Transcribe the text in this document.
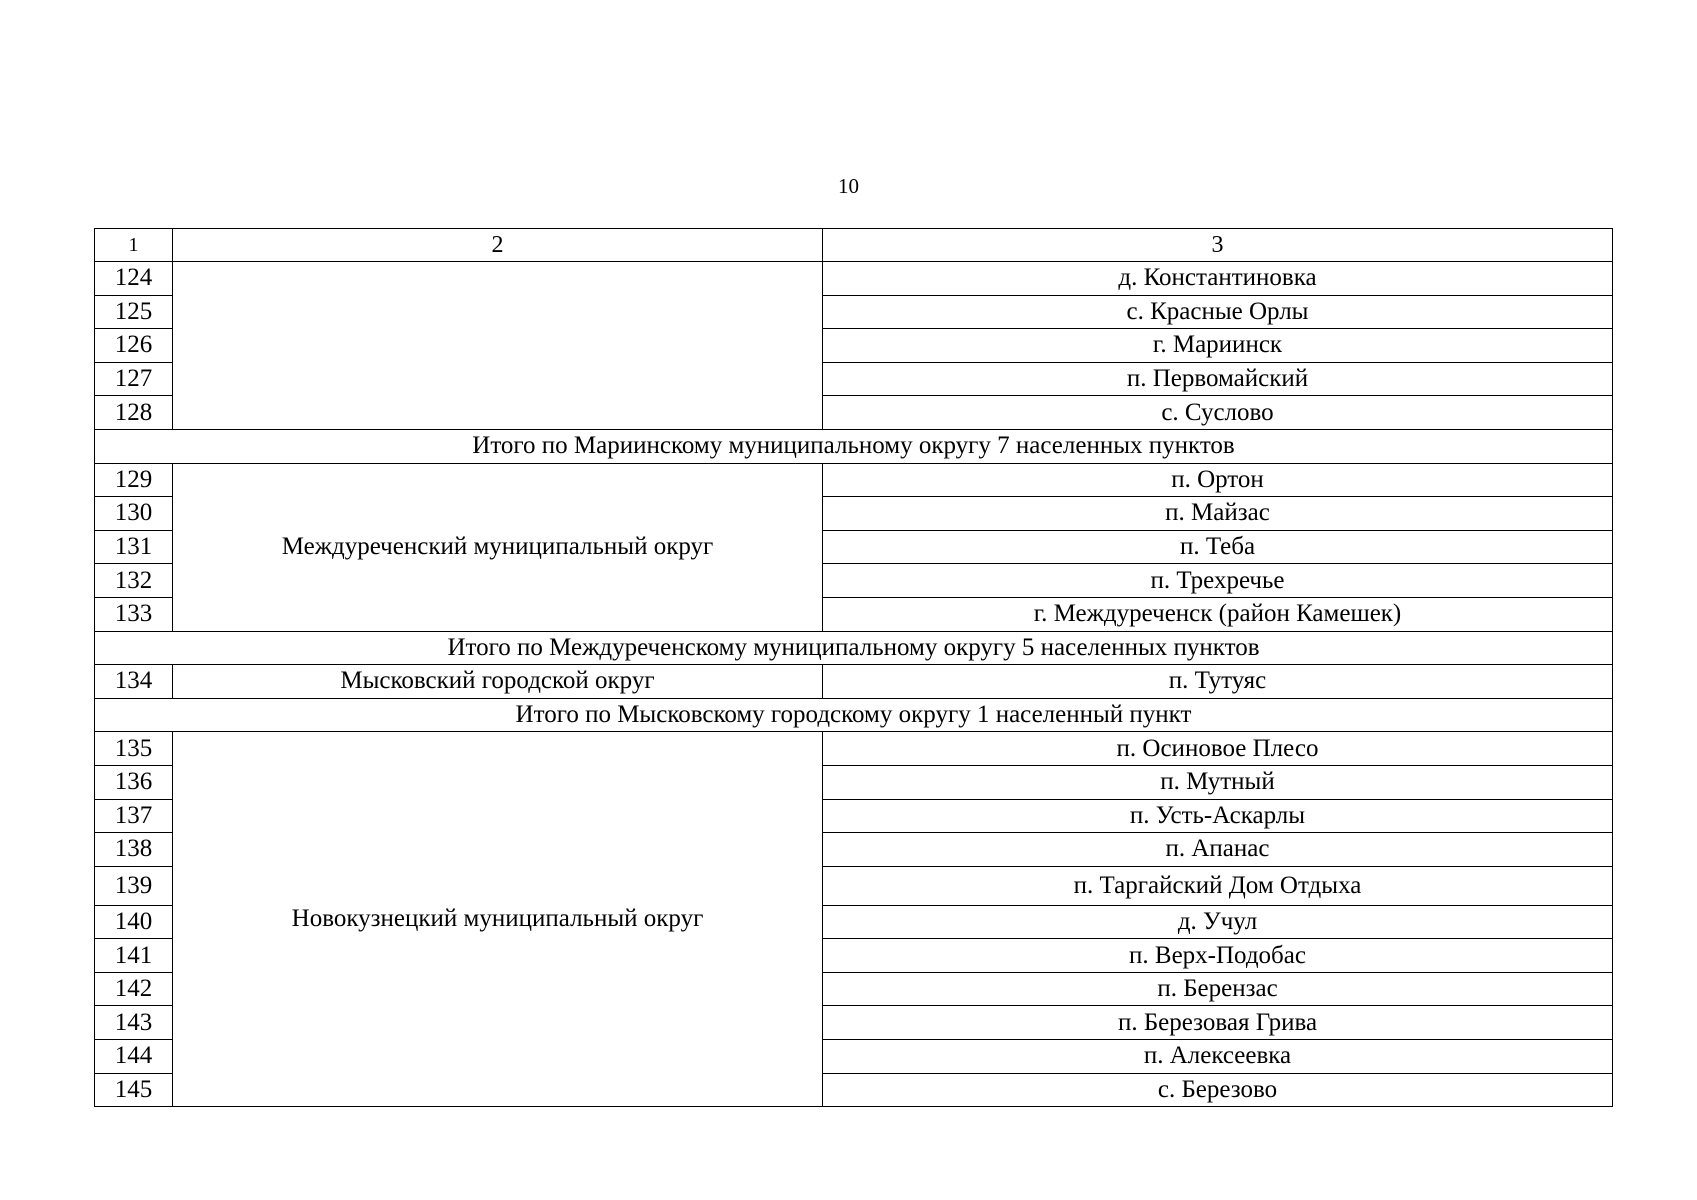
10
1	2	3
124		д. Константиновка
125		с. Красные Орлы
126		г. Мариинск
127		п. Первомайский
128		с. Суслово
Итого по Мариинскому муниципальному округу 7 населенных пунктов		
129	Междуреченский муниципальный округ	п. Ортон
130		п. Майзас
131		п. Теба
132		п. Трехречье
133		г. Междуреченск (район Камешек)
Итого по Междуреченскому муниципальному округу 5 населенных пунктов		
134	Мысковский городской округ	п. Тутуяс
Итого по Мысковскому городскому округу 1 населенный пункт		
135	Новокузнецкий муниципальный округ	п. Осиновое Плесо
136		п. Мутный
137		п. Усть-Аскарлы
138		п. Апанас
139		п. Таргайский Дом Отдыха
140		д. Учул
141		п. Верх-Подобас
142		п. Берензас
143		п. Березовая Грива
144		п. Алексеевка
145		с. Березово
